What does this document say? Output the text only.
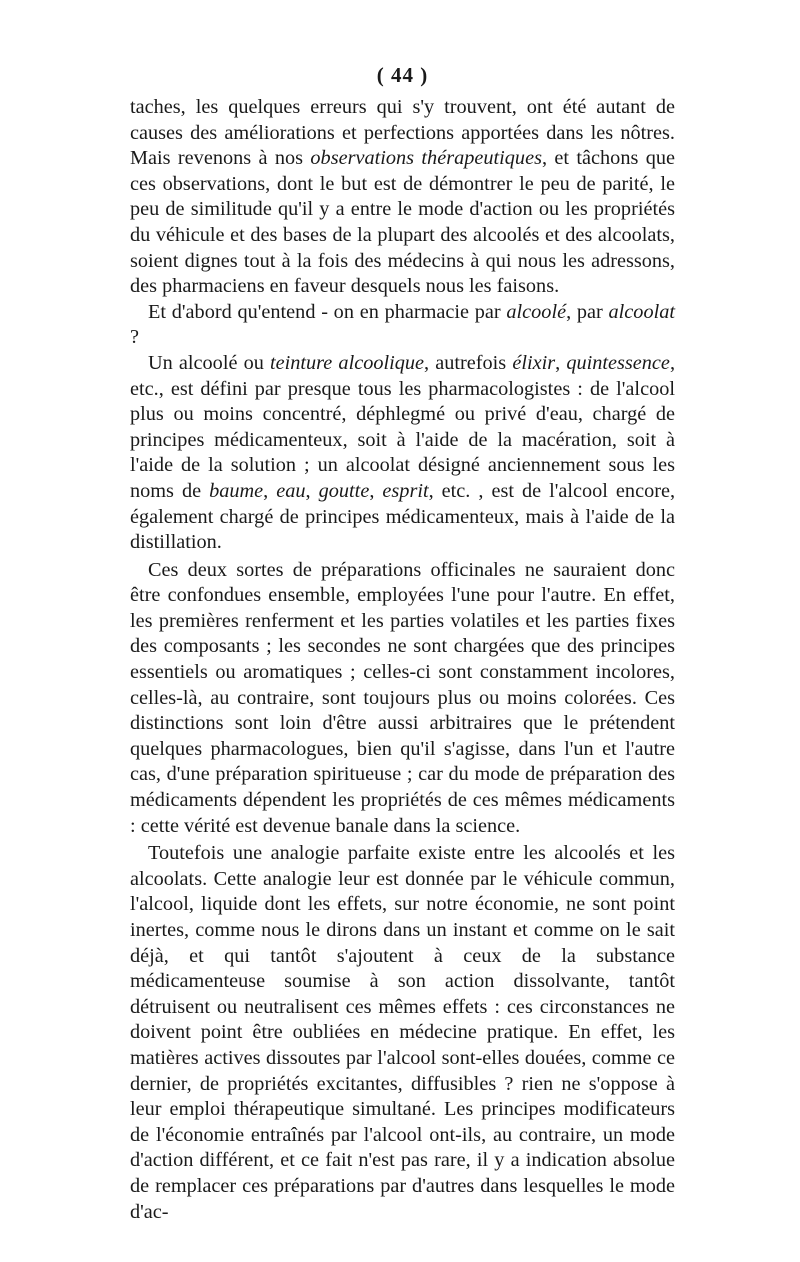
( 44 )

taches, les quelques erreurs qui s'y trouvent, ont été autant de causes des améliorations et perfections apportées dans les nôtres. Mais revenons à nos observations thérapeutiques, et tâchons que ces observations, dont le but est de démontrer le peu de parité, le peu de similitude qu'il y a entre le mode d'action ou les propriétés du véhicule et des bases de la plupart des alcoolés et des alcoolats, soient dignes tout à la fois des médecins à qui nous les adressons, des pharmaciens en faveur desquels nous les faisons.

Et d'abord qu'entend - on en pharmacie par alcoolé, par alcoolat ?

Un alcoolé ou teinture alcoolique, autrefois élixir, quintessence, etc., est défini par presque tous les pharmacologistes : de l'alcool plus ou moins concentré, déphlegmé ou privé d'eau, chargé de principes médicamenteux, soit à l'aide de la macération, soit à l'aide de la solution ; un alcoolat désigné anciennement sous les noms de baume, eau, goutte, esprit, etc. , est de l'alcool encore, également chargé de principes médicamenteux, mais à l'aide de la distillation.

Ces deux sortes de préparations officinales ne sauraient donc être confondues ensemble, employées l'une pour l'autre. En effet, les premières renferment et les parties volatiles et les parties fixes des composants ; les secondes ne sont chargées que des principes essentiels ou aromatiques ; celles-ci sont constamment incolores, celles-là, au contraire, sont toujours plus ou moins colorées. Ces distinctions sont loin d'être aussi arbitraires que le prétendent quelques pharmacologues, bien qu'il s'agisse, dans l'un et l'autre cas, d'une préparation spiritueuse ; car du mode de préparation des médicaments dépendent les propriétés de ces mêmes médicaments : cette vérité est devenue banale dans la science.

Toutefois une analogie parfaite existe entre les alcoolés et les alcoolats. Cette analogie leur est donnée par le véhicule commun, l'alcool, liquide dont les effets, sur notre économie, ne sont point inertes, comme nous le dirons dans un instant et comme on le sait déjà, et qui tantôt s'ajoutent à ceux de la substance médicamenteuse soumise à son action dissolvante, tantôt détruisent ou neutralisent ces mêmes effets : ces circonstances ne doivent point être oubliées en médecine pratique. En effet, les matières actives dissoutes par l'alcool sont-elles douées, comme ce dernier, de propriétés excitantes, diffusibles ? rien ne s'oppose à leur emploi thérapeutique simultané. Les principes modificateurs de l'économie entraînés par l'alcool ont-ils, au contraire, un mode d'action différent, et ce fait n'est pas rare, il y a indication absolue de remplacer ces préparations par d'autres dans lesquelles le mode d'ac-
